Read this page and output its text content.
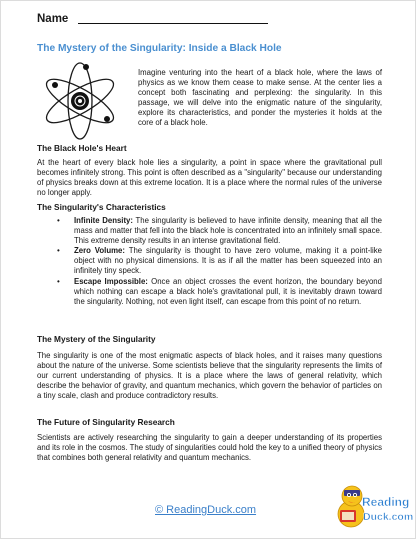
Name
The Mystery of the Singularity: Inside a Black Hole

Imagine venturing into the heart of a black hole, where the laws of physics as we know them cease to make sense. At the center lies a concept both fascinating and perplexing: the singularity. In this passage, we will delve into the enigmatic nature of the singularity, explore its characteristics, and ponder the mysteries it holds at the core of a black hole.

The Black Hole's Heart

At the heart of every black hole lies a singularity, a point in space where the gravitational pull becomes infinitely strong. This point is often described as a "singularity" because our understanding of physics breaks down at this extreme location. It is a place where the normal rules of the universe no longer apply.

The Singularity's Characteristics
• Infinite Density: The singularity is believed to have infinite density, meaning that all the mass and matter that fell into the black hole is concentrated into an infinitely small space. This extreme density results in an intense gravitational field.
• Zero Volume: The singularity is thought to have zero volume, making it a point-like object with no physical dimensions. It is as if all the matter has been squeezed into an infinitely tiny speck.
• Escape Impossible: Once an object crosses the event horizon, the boundary beyond which nothing can escape a black hole's gravitational pull, it is inevitably drawn toward the singularity. Nothing, not even light itself, can escape from this point of no return.
The Mystery of the Singularity

The singularity is one of the most enigmatic aspects of black holes, and it raises many questions about the nature of the universe. Some scientists believe that the singularity represents the limits of our current understanding of physics. It is a place where the laws of general relativity, which describe the behavior of gravity, and quantum mechanics, which govern the behavior of particles on a tiny scale, clash and produce contradictory results.

The Future of Singularity Research

Scientists are actively researching the singularity to gain a deeper understanding of its properties and its role in the cosmos. The study of singularities could hold the key to a unified theory of physics that combines both general relativity and quantum mechanics.

© ReadingDuck.com
Reading
Duck.com
